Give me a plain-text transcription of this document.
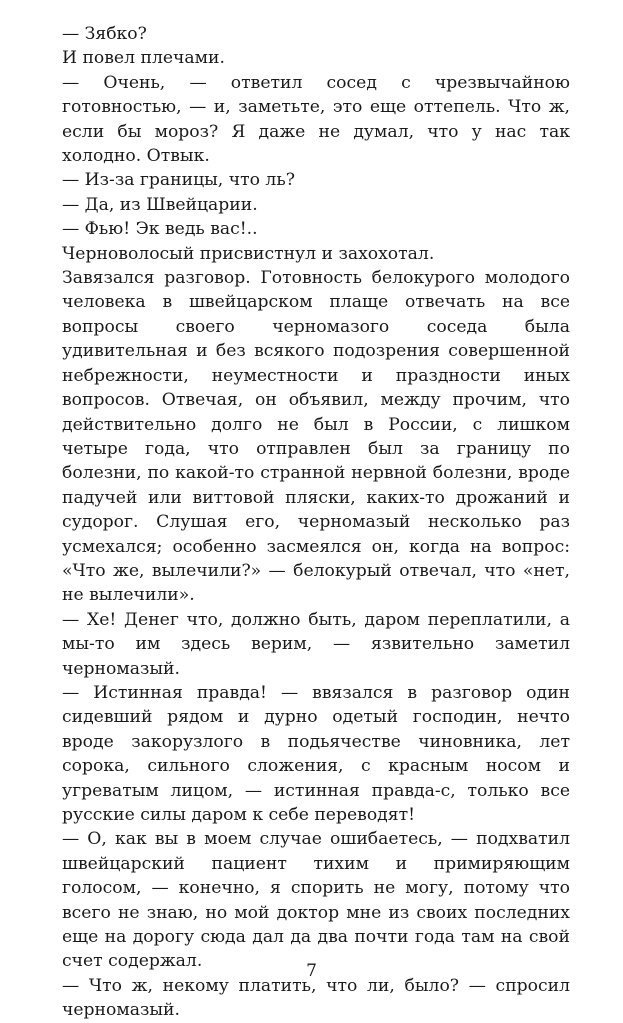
— Зябко?

И повел плечами.

— Очень, — ответил сосед с чрезвычайною готовностью, — и, заметьте, это еще оттепель. Что ж, если бы мороз? Я даже не думал, что у нас так холодно. Отвык.

— Из-за границы, что ль?

— Да, из Швейцарии.

— Фью! Эк ведь вас!..

Черноволосый присвистнул и захохотал.

Завязался разговор. Готовность белокурого молодого человека в швейцарском плаще отвечать на все вопросы своего черномазого соседа была удивительная и без всякого подозрения совершенной небрежности, неуместности и праздности иных вопросов. Отвечая, он объявил, между прочим, что действительно долго не был в России, с лишком четыре года, что отправлен был за границу по болезни, по какой-то странной нервной болезни, вроде падучей или виттовой пляски, каких-то дрожаний и судорог. Слушая его, черномазый несколько раз усмехался; особенно засмеялся он, когда на вопрос: «Что же, вылечили?» — белокурый отвечал, что «нет, не вылечили».

— Хе! Денег что, должно быть, даром переплатили, а мы-то им здесь верим, — язвительно заметил черномазый.

— Истинная правда! — ввязался в разговор один сидевший рядом и дурно одетый господин, нечто вроде закорузлого в подьячестве чиновника, лет сорока, сильного сложения, с красным носом и угреватым лицом, — истинная правда-с, только все русские силы даром к себе переводят!

— О, как вы в моем случае ошибаетесь, — подхватил швейцарский пациент тихим и примиряющим голосом, — конечно, я спорить не могу, потому что всего не знаю, но мой доктор мне из своих последних еще на дорогу сюда дал да два почти года там на свой счет содержал.

— Что ж, некому платить, что ли, было? — спросил черномазый.

7
